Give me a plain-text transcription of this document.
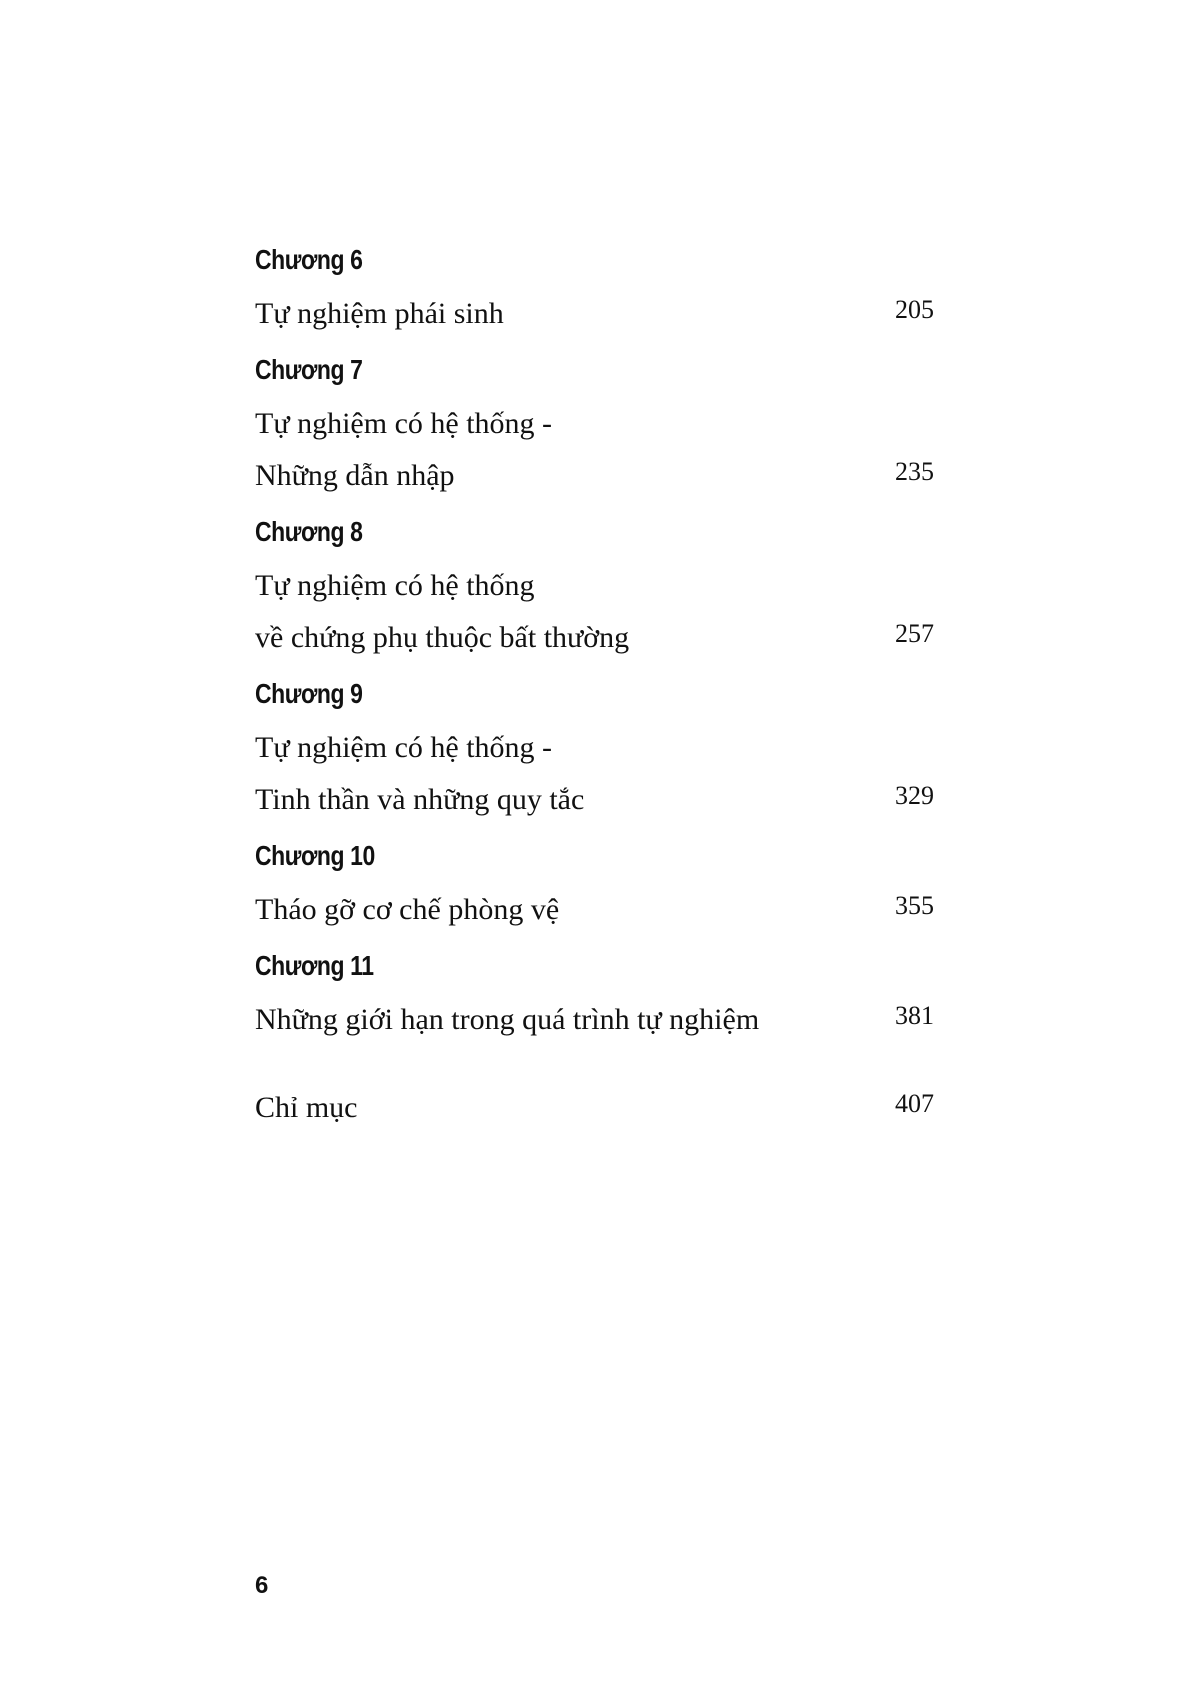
Chương 6
Tự nghiệm phái sinh	205
Chương 7
Tự nghiệm có hệ thống -
Những dẫn nhập	235
Chương 8
Tự nghiệm có hệ thống
về chứng phụ thuộc bất thường	257
Chương 9
Tự nghiệm có hệ thống -
Tinh thần và những quy tắc	329
Chương 10
Tháo gỡ cơ chế phòng vệ	355
Chương 11
Những giới hạn trong quá trình tự nghiệm	381
Chỉ mục	407
6
